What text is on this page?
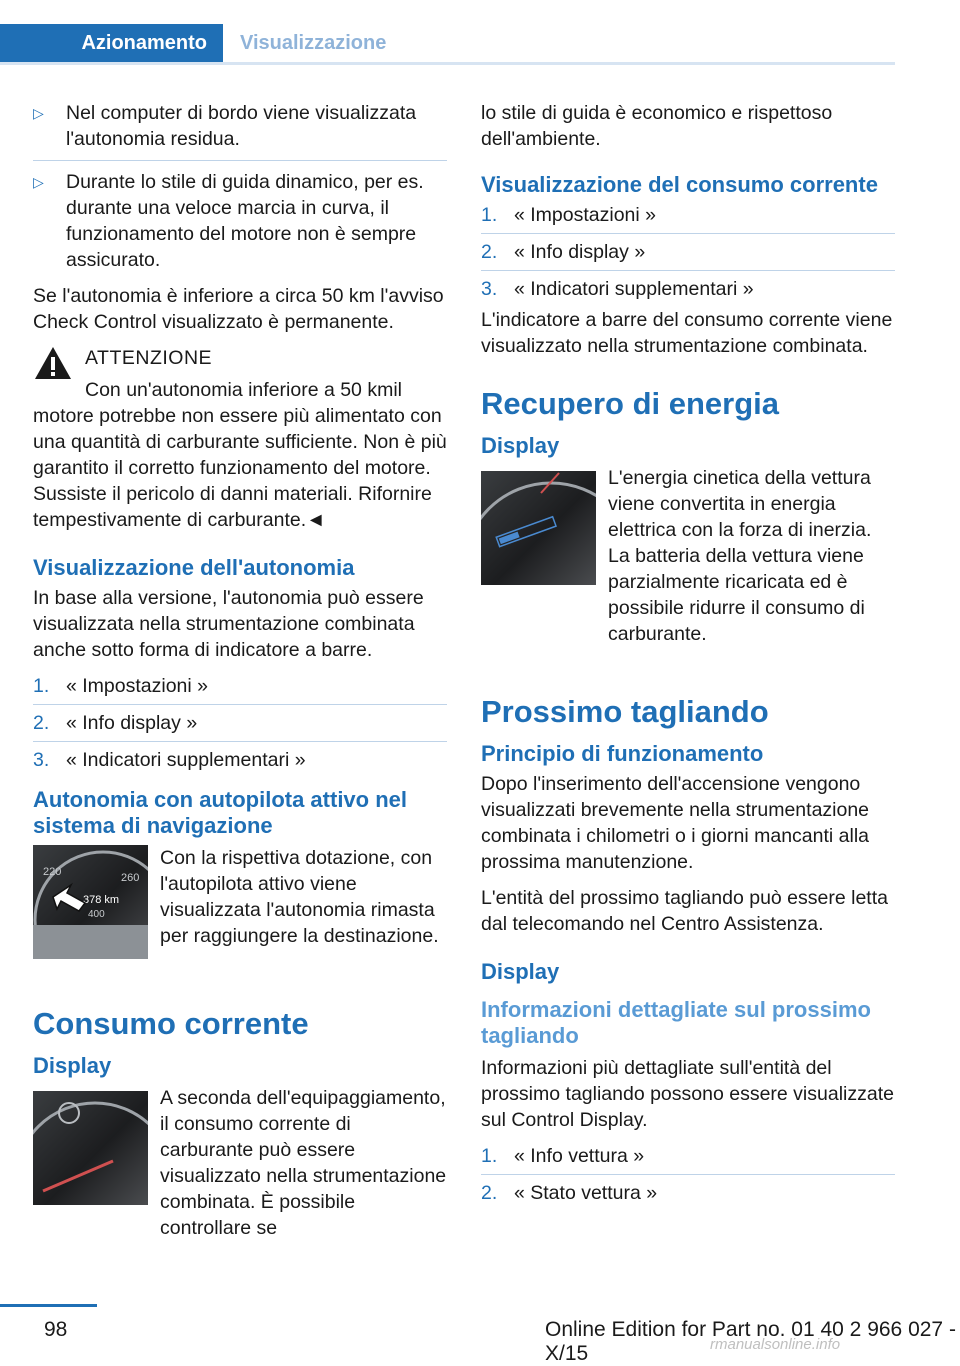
Azionamento	Visualizzazione
▷ Nel computer di bordo viene visualizzata l'autonomia residua.
▷ Durante lo stile di guida dinamico, per es. durante una veloce marcia in curva, il funzionamento del motore non è sempre assicurato.

Se l'autonomia è inferiore a circa 50 km l'avviso Check Control visualizzato è permanente.

ATTENZIONE
Con un'autonomia inferiore a 50 kmil
motore potrebbe non essere più alimentato con una quantità di carburante sufficiente. Non è più garantito il corretto funzionamento del motore. Sussiste il pericolo di danni materiali. Rifornire tempestivamente di carburante.◄
Visualizzazione dell'autonomia

In base alla versione, l'autonomia può essere visualizzata nella strumentazione combinata anche sotto forma di indicatore a barre.

1. « Impostazioni »
2. « Info display »
3. « Indicatori supplementari »
Autonomia con autopilota attivo nel sistema di navigazione
220	260
378 km
400
Con la rispettiva dotazione, con l'autopilota attivo viene visualizzata l'autonomia rimasta per raggiungere la destinazione.
Consumo corrente
Display
A seconda dell'equipaggiamento, il consumo corrente di carburante può essere visualizzato nella strumentazione combinata. È possibile controllare se

lo stile di guida è economico e rispettoso dell'ambiente.

Visualizzazione del consumo corrente
1. « Impostazioni »
2. « Info display »
3. « Indicatori supplementari »

L'indicatore a barre del consumo corrente viene visualizzato nella strumentazione combinata.

Recupero di energia
Display
L'energia cinetica della vettura viene convertita in energia elettrica con la forza di inerzia. La batteria della vettura viene parzialmente ricaricata ed è possibile ridurre il consumo di carburante.
Prossimo tagliando
Principio di funzionamento

Dopo l'inserimento dell'accensione vengono visualizzati brevemente nella strumentazione combinata i chilometri o i giorni mancanti alla prossima manutenzione.

L'entità del prossimo tagliando può essere letta dal telecomando nel Centro Assistenza.

Display
Informazioni dettagliate sul prossimo tagliando

Informazioni più dettagliate sull'entità del prossimo tagliando possono essere visualizzate sul Control Display.

1. « Info vettura »
2. « Stato vettura »
98	Online Edition for Part no. 01 40 2 966 027 - X/15	rmanualsonline.info
